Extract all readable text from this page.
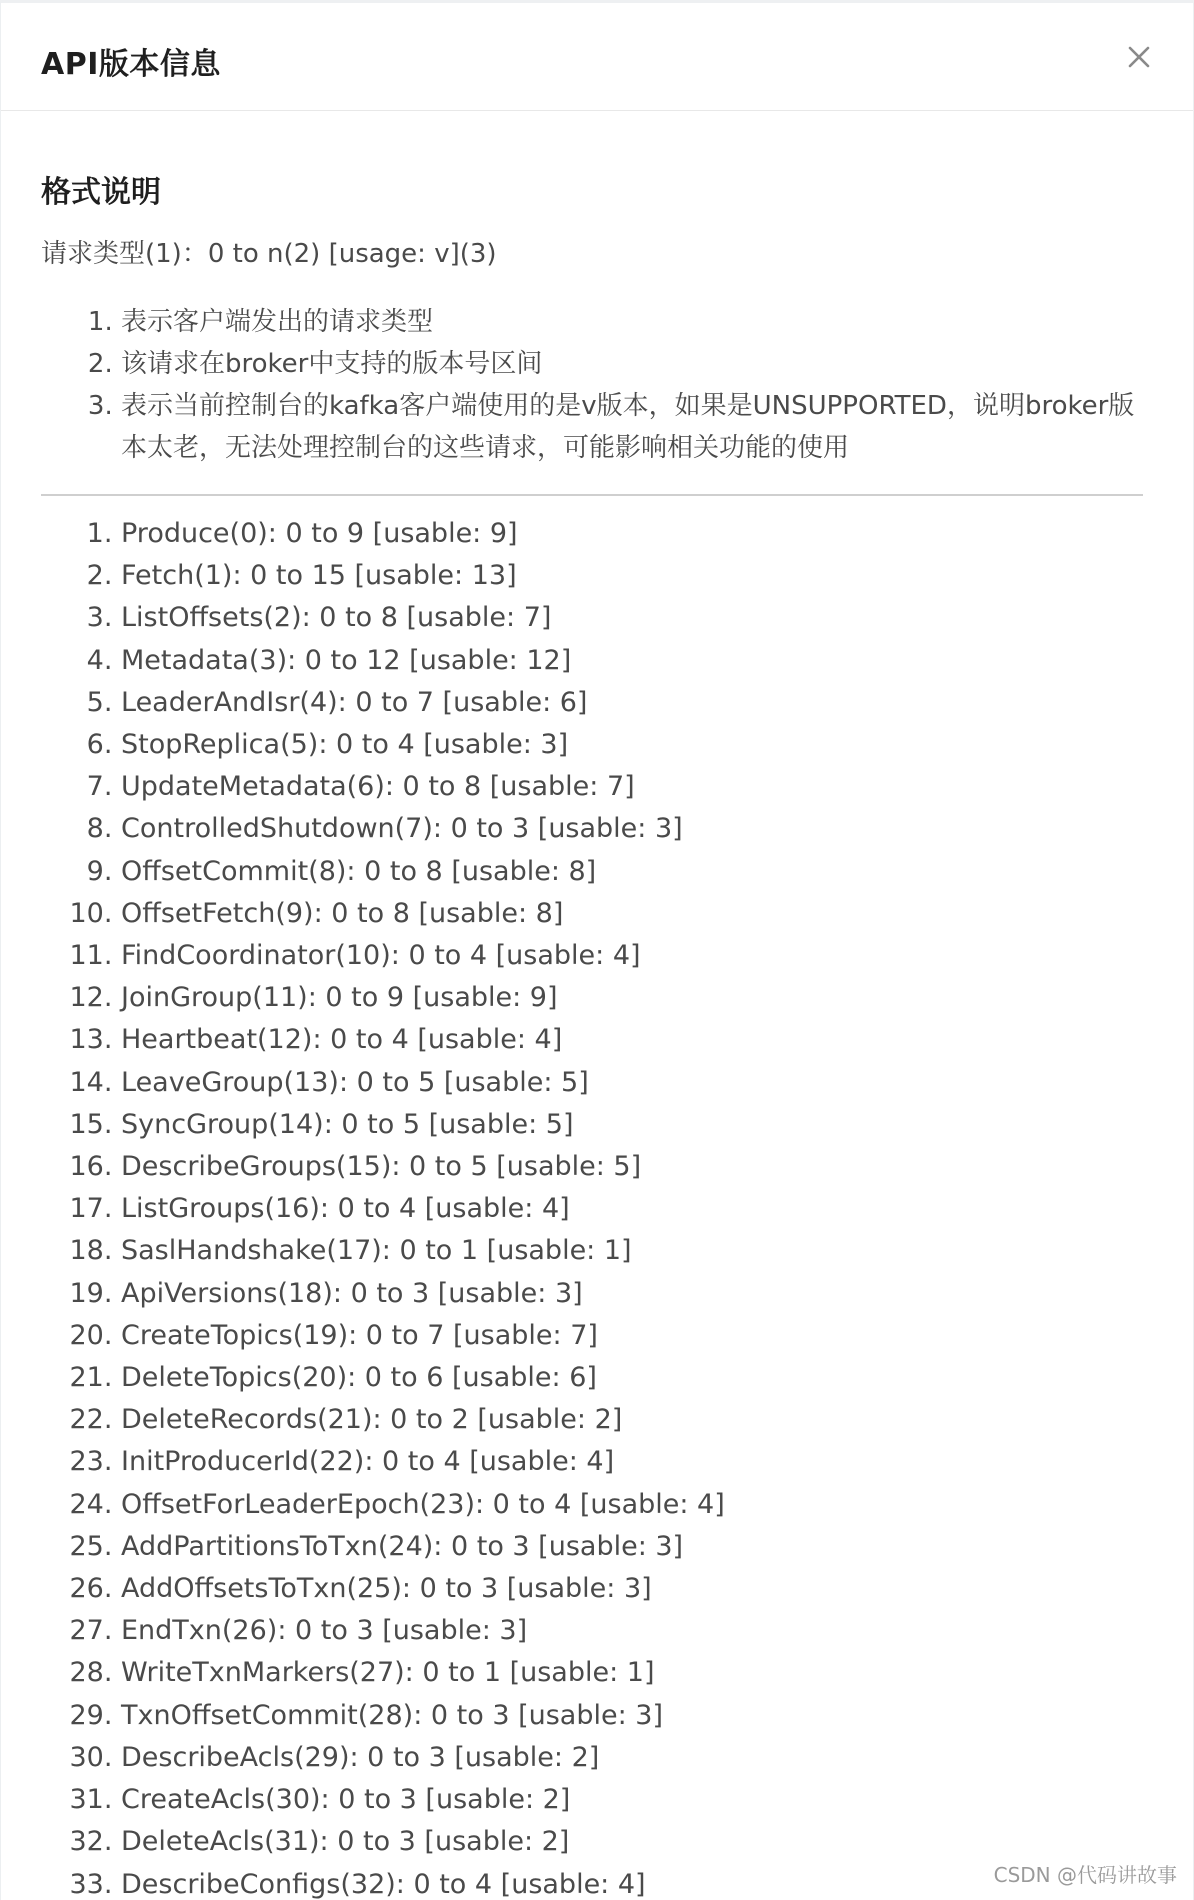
API版本信息
格式说明
请求类型(1)：0 to n(2) [usage: v](3)
1. 表示客户端发出的请求类型
2. 该请求在broker中支持的版本号区间
3. 表示当前控制台的kafka客户端使用的是v版本，如果是UNSUPPORTED，说明broker版本太老，无法处理控制台的这些请求，可能影响相关功能的使用
1. Produce(0): 0 to 9 [usable: 9]
2. Fetch(1): 0 to 15 [usable: 13]
3. ListOffsets(2): 0 to 8 [usable: 7]
4. Metadata(3): 0 to 12 [usable: 12]
5. LeaderAndIsr(4): 0 to 7 [usable: 6]
6. StopReplica(5): 0 to 4 [usable: 3]
7. UpdateMetadata(6): 0 to 8 [usable: 7]
8. ControlledShutdown(7): 0 to 3 [usable: 3]
9. OffsetCommit(8): 0 to 8 [usable: 8]
10. OffsetFetch(9): 0 to 8 [usable: 8]
11. FindCoordinator(10): 0 to 4 [usable: 4]
12. JoinGroup(11): 0 to 9 [usable: 9]
13. Heartbeat(12): 0 to 4 [usable: 4]
14. LeaveGroup(13): 0 to 5 [usable: 5]
15. SyncGroup(14): 0 to 5 [usable: 5]
16. DescribeGroups(15): 0 to 5 [usable: 5]
17. ListGroups(16): 0 to 4 [usable: 4]
18. SaslHandshake(17): 0 to 1 [usable: 1]
19. ApiVersions(18): 0 to 3 [usable: 3]
20. CreateTopics(19): 0 to 7 [usable: 7]
21. DeleteTopics(20): 0 to 6 [usable: 6]
22. DeleteRecords(21): 0 to 2 [usable: 2]
23. InitProducerId(22): 0 to 4 [usable: 4]
24. OffsetForLeaderEpoch(23): 0 to 4 [usable: 4]
25. AddPartitionsToTxn(24): 0 to 3 [usable: 3]
26. AddOffsetsToTxn(25): 0 to 3 [usable: 3]
27. EndTxn(26): 0 to 3 [usable: 3]
28. WriteTxnMarkers(27): 0 to 1 [usable: 1]
29. TxnOffsetCommit(28): 0 to 3 [usable: 3]
30. DescribeAcls(29): 0 to 3 [usable: 2]
31. CreateAcls(30): 0 to 3 [usable: 2]
32. DeleteAcls(31): 0 to 3 [usable: 2]
33. DescribeConfigs(32): 0 to 4 [usable: 4]	CSDN @代码讲故事
